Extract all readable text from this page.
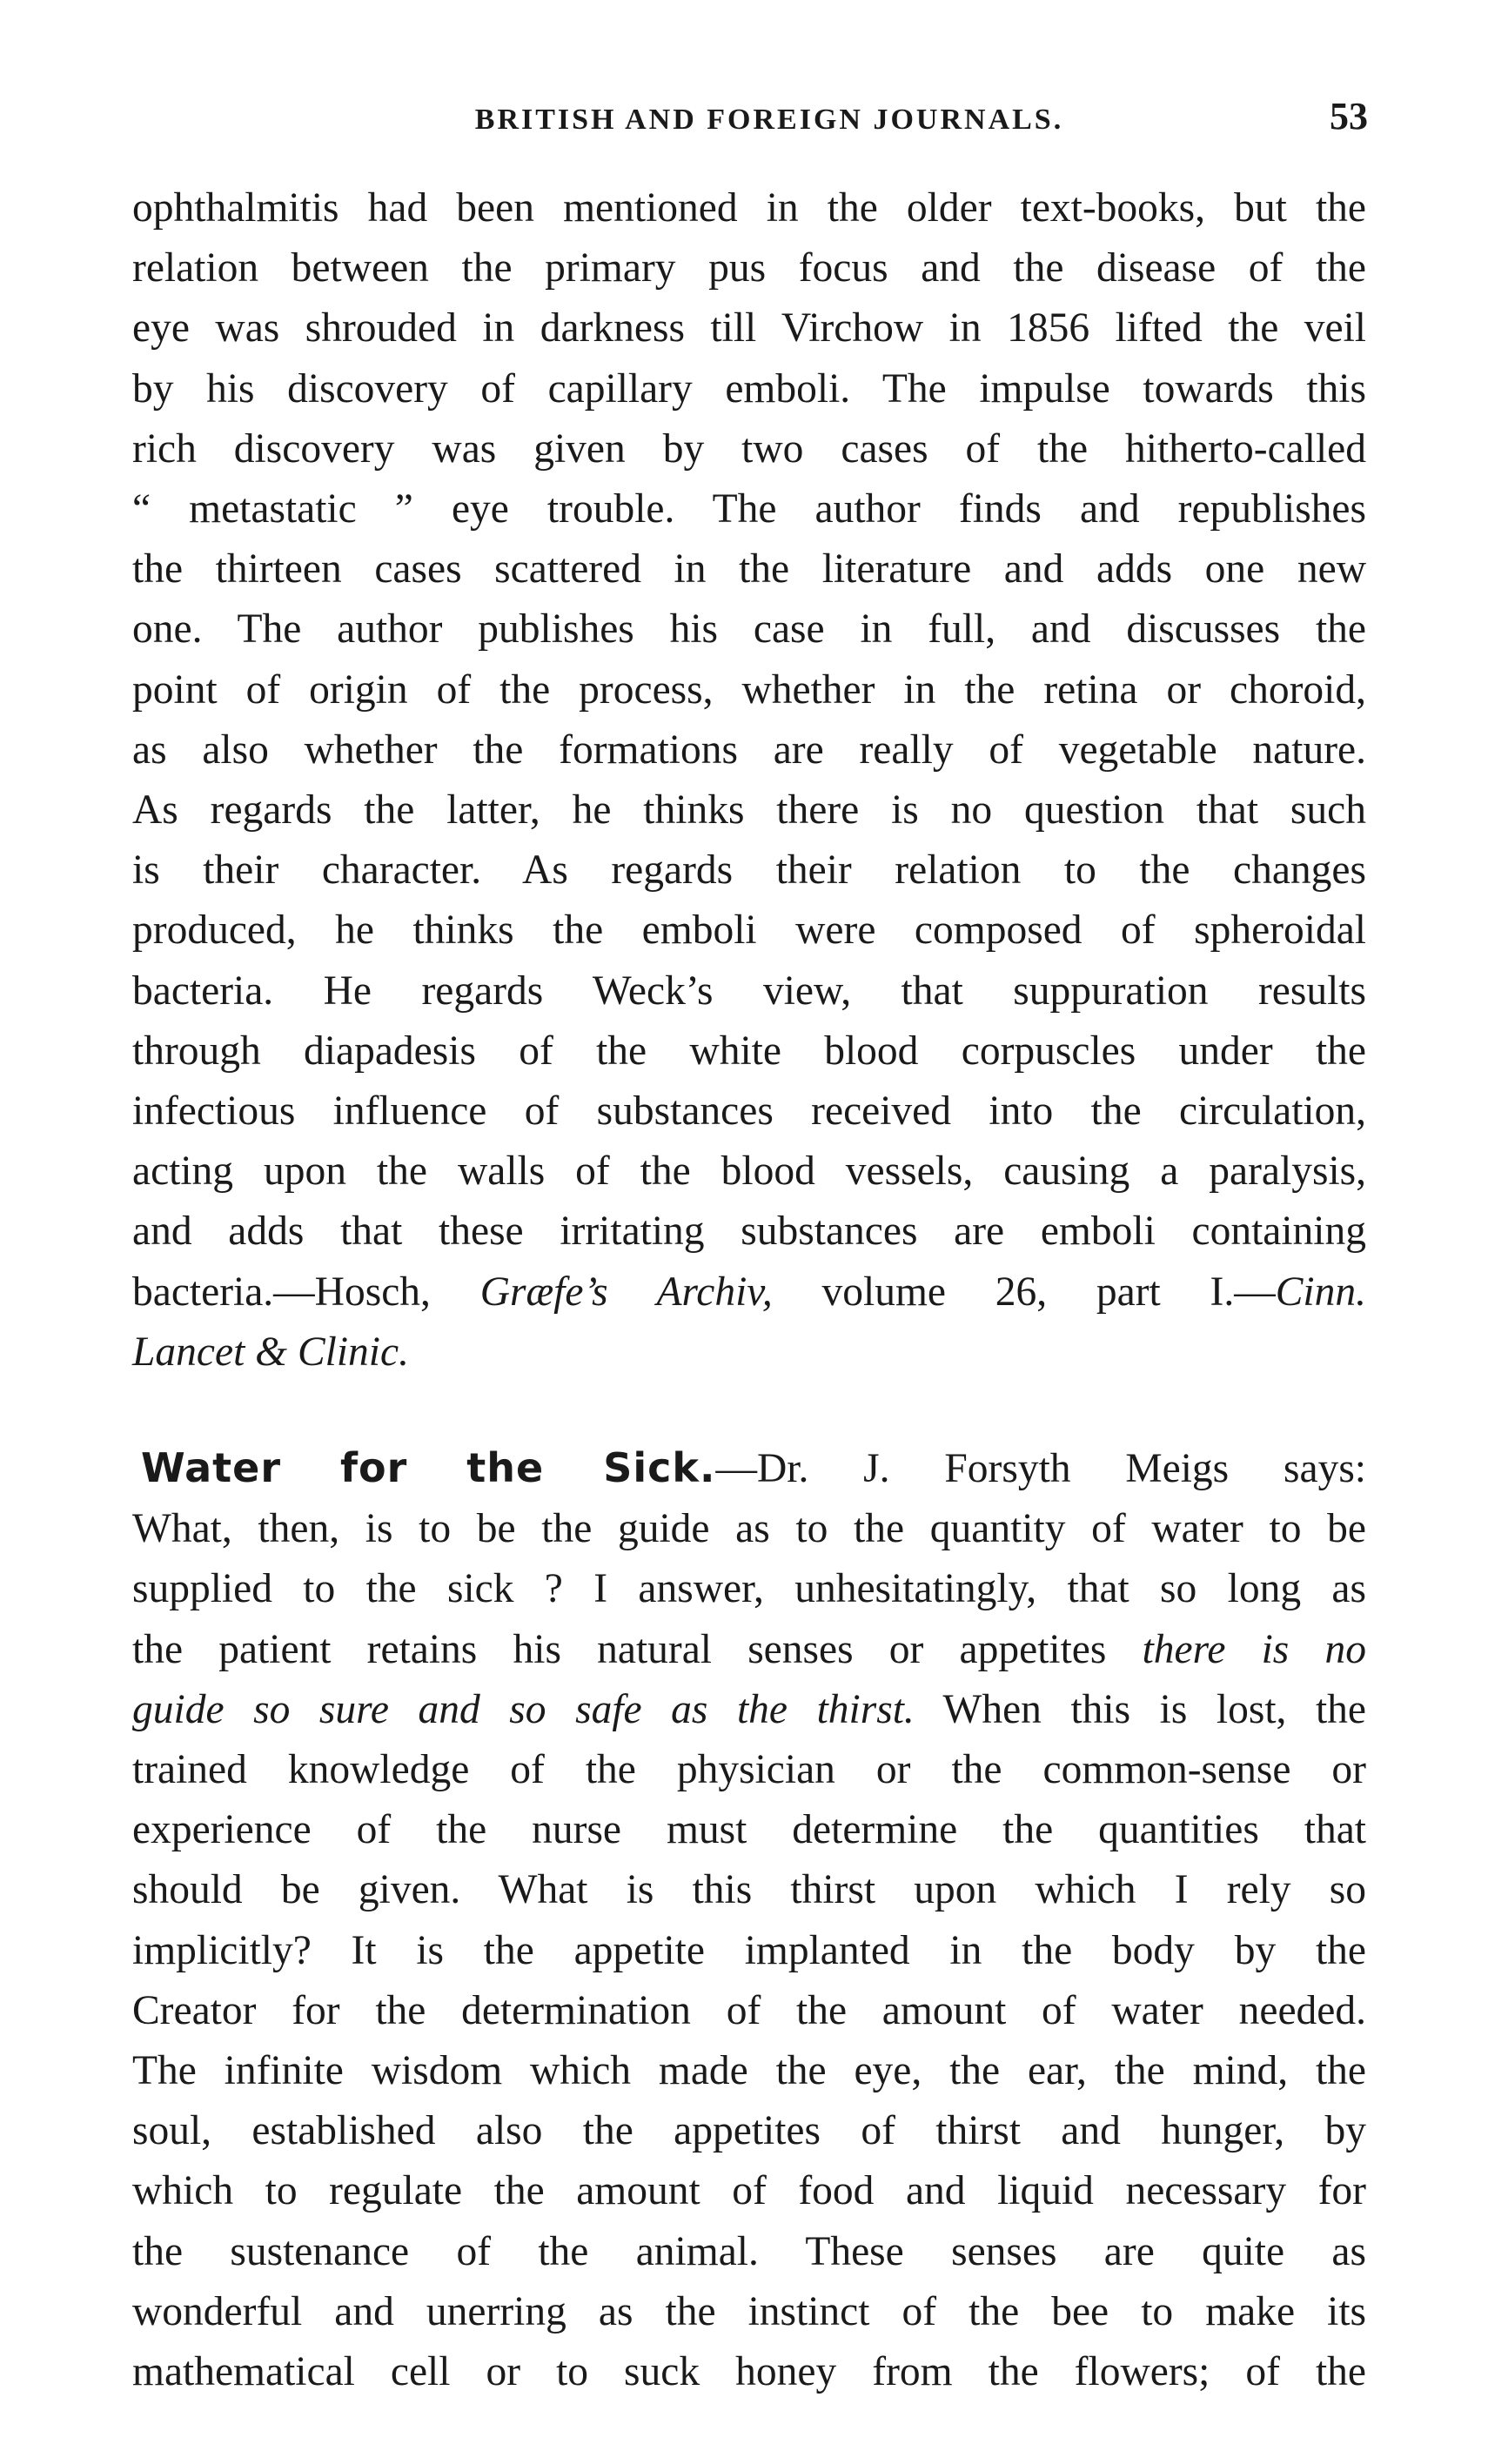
BRITISH AND FOREIGN JOURNALS.	53
ophthalmitis had been mentioned in the older text-books, but the
relation between the primary pus focus and the disease of the
eye was shrouded in darkness till Virchow in 1856 lifted the veil
by his discovery of capillary emboli. The impulse towards this
rich discovery was given by two cases of the hitherto-called
“ metastatic ” eye trouble. The author finds and republishes
the thirteen cases scattered in the literature and adds one new
one. The author publishes his case in full, and discusses the
point of origin of the process, whether in the retina or choroid,
as also whether the formations are really of vegetable nature.
As regards the latter, he thinks there is no question that such
is their character. As regards their relation to the changes
produced, he thinks the emboli were composed of spheroidal
bacteria. He regards Weck’s view, that suppuration results
through diapadesis of the white blood corpuscles under the
infectious influence of substances received into the circulation,
acting upon the walls of the blood vessels, causing a paralysis,
and adds that these irritating substances are emboli containing
bacteria.—Hosch, Græfe’s Archiv, volume 26, part I.—Cinn.
Lancet & Clinic.
Water for the Sick.—Dr. J. Forsyth Meigs says:
What, then, is to be the guide as to the quantity of water to be
supplied to the sick ? I answer, unhesitatingly, that so long as
the patient retains his natural senses or appetites there is no
guide so sure and so safe as the thirst. When this is lost, the
trained knowledge of the physician or the common-sense or
experience of the nurse must determine the quantities that
should be given. What is this thirst upon which I rely so
implicitly? It is the appetite implanted in the body by the
Creator for the determination of the amount of water needed.
The infinite wisdom which made the eye, the ear, the mind, the
soul, established also the appetites of thirst and hunger, by
which to regulate the amount of food and liquid necessary for
the sustenance of the animal. These senses are quite as
wonderful and unerring as the instinct of the bee to make its
mathematical cell or to suck honey from the flowers; of the
